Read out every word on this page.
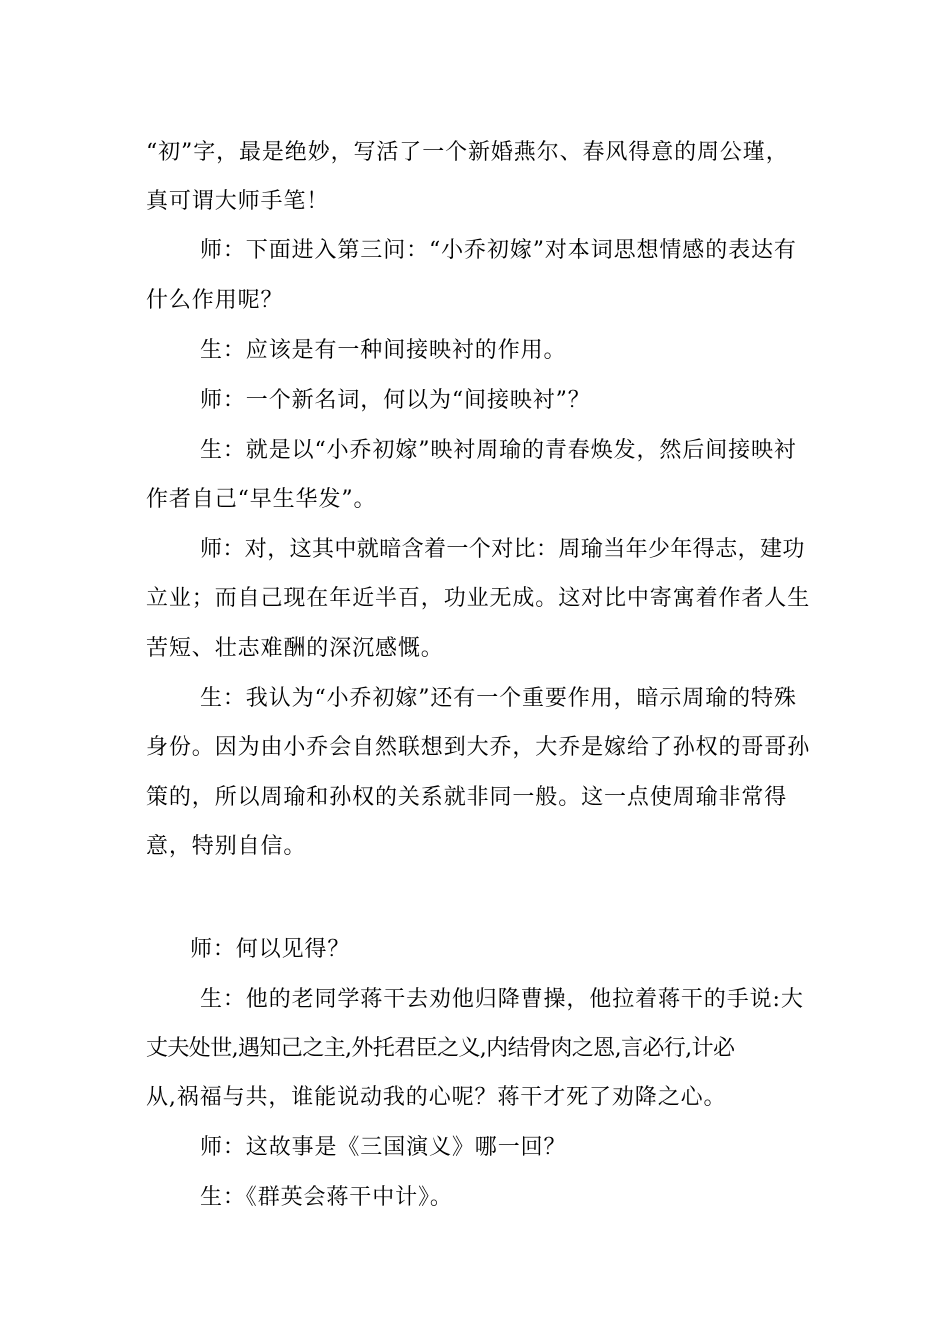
“初”字，最是绝妙，写活了一个新婚燕尔、春风得意的周公瑾，
真可谓大师手笔！
师：下面进入第三问：“小乔初嫁”对本词思想情感的表达有
什么作用呢？
生：应该是有一种间接映衬的作用。
师：一个新名词，何以为“间接映衬”？
生：就是以“小乔初嫁”映衬周瑜的青春焕发，然后间接映衬
作者自己“早生华发”。
师：对，这其中就暗含着一个对比：周瑜当年少年得志，建功
立业；而自己现在年近半百，功业无成。这对比中寄寓着作者人生
苦短、壮志难酬的深沉感慨。
生：我认为“小乔初嫁”还有一个重要作用，暗示周瑜的特殊
身份。因为由小乔会自然联想到大乔，大乔是嫁给了孙权的哥哥孙
策的，所以周瑜和孙权的关系就非同一般。这一点使周瑜非常得
意，特别自信。
师：何以见得？
生：他的老同学蒋干去劝他归降曹操，他拉着蒋干的手说:大
丈夫处世,遇知己之主,外托君臣之义,内结骨肉之恩,言必行,计必
从,祸福与共，谁能说动我的心呢？蒋干才死了劝降之心。
师：这故事是《三国演义》哪一回？
生：《群英会蒋干中计》。
